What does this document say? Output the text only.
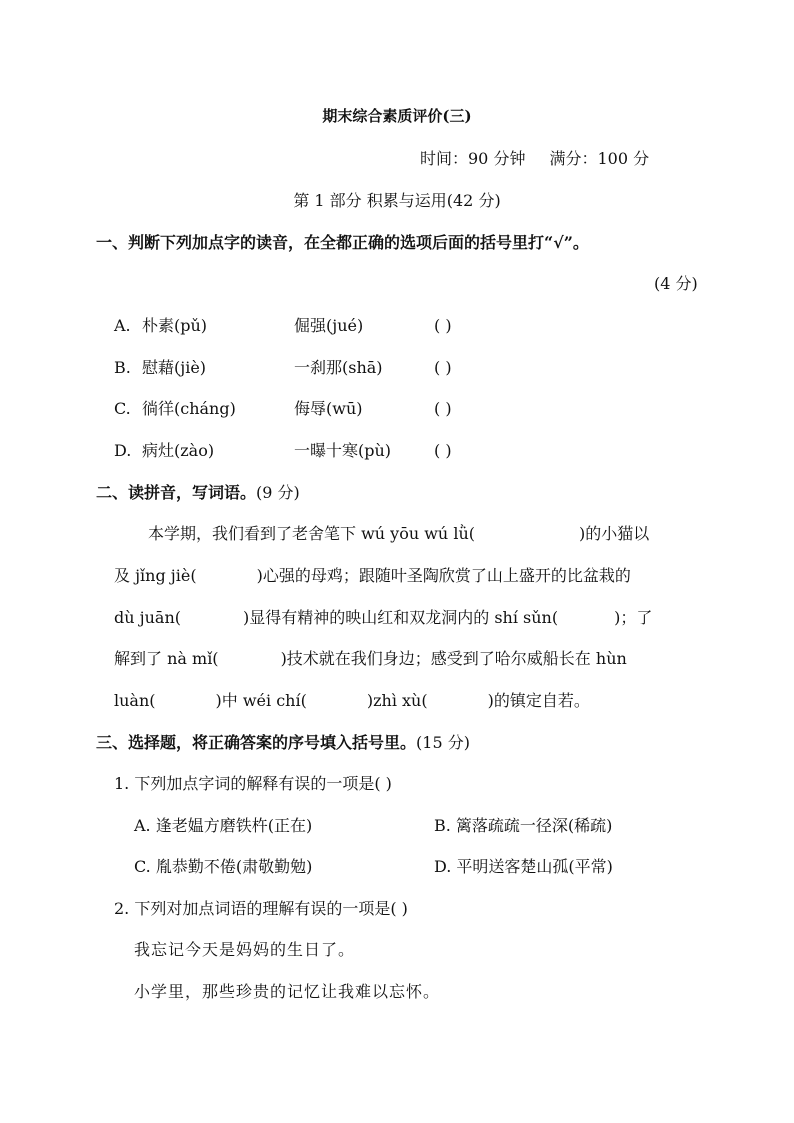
期末综合素质评价(三)
时间：90 分钟 满分：100 分
第 1 部分 积累与运用(42 分)
一、判断下列加点字的读音，在全都正确的选项后面的括号里打“√”。
(4 分)
A. 朴素(pǔ)	倔强(jué)	( )
B. 慰藉(jiè)	一刹那(shā)	( )
C. 徜徉(cháng)	侮辱(wū)	( )
D. 病灶(zào)	一曝十寒(pù)	( )
二、读拼音，写词语。(9 分)
本学期，我们看到了老舍笔下 wú yōu wú lǜ(	)的小猫以
及 jǐng jiè(	)心强的母鸡；跟随叶圣陶欣赏了山上盛开的比盆栽的
dù juān(	)显得有精神的映山红和双龙洞内的 shí sǔn(	)；了
解到了 nà mǐ(	)技术就在我们身边；感受到了哈尔威船长在 hùn
luàn(	)中 wéi chí(	)zhì xù(	)的镇定自若。
三、选择题，将正确答案的序号填入括号里。(15 分)
1. 下列加点字词的解释有误的一项是( )
A. 逢老媪方磨铁杵(正在)	B. 篱落疏疏一径深(稀疏)
C. 胤恭勤不倦(肃敬勤勉)	D. 平明送客楚山孤(平常)
2. 下列对加点词语的理解有误的一项是( )
我忘记今天是妈妈的生日了。
小学里，那些珍贵的记忆让我难以忘怀。
